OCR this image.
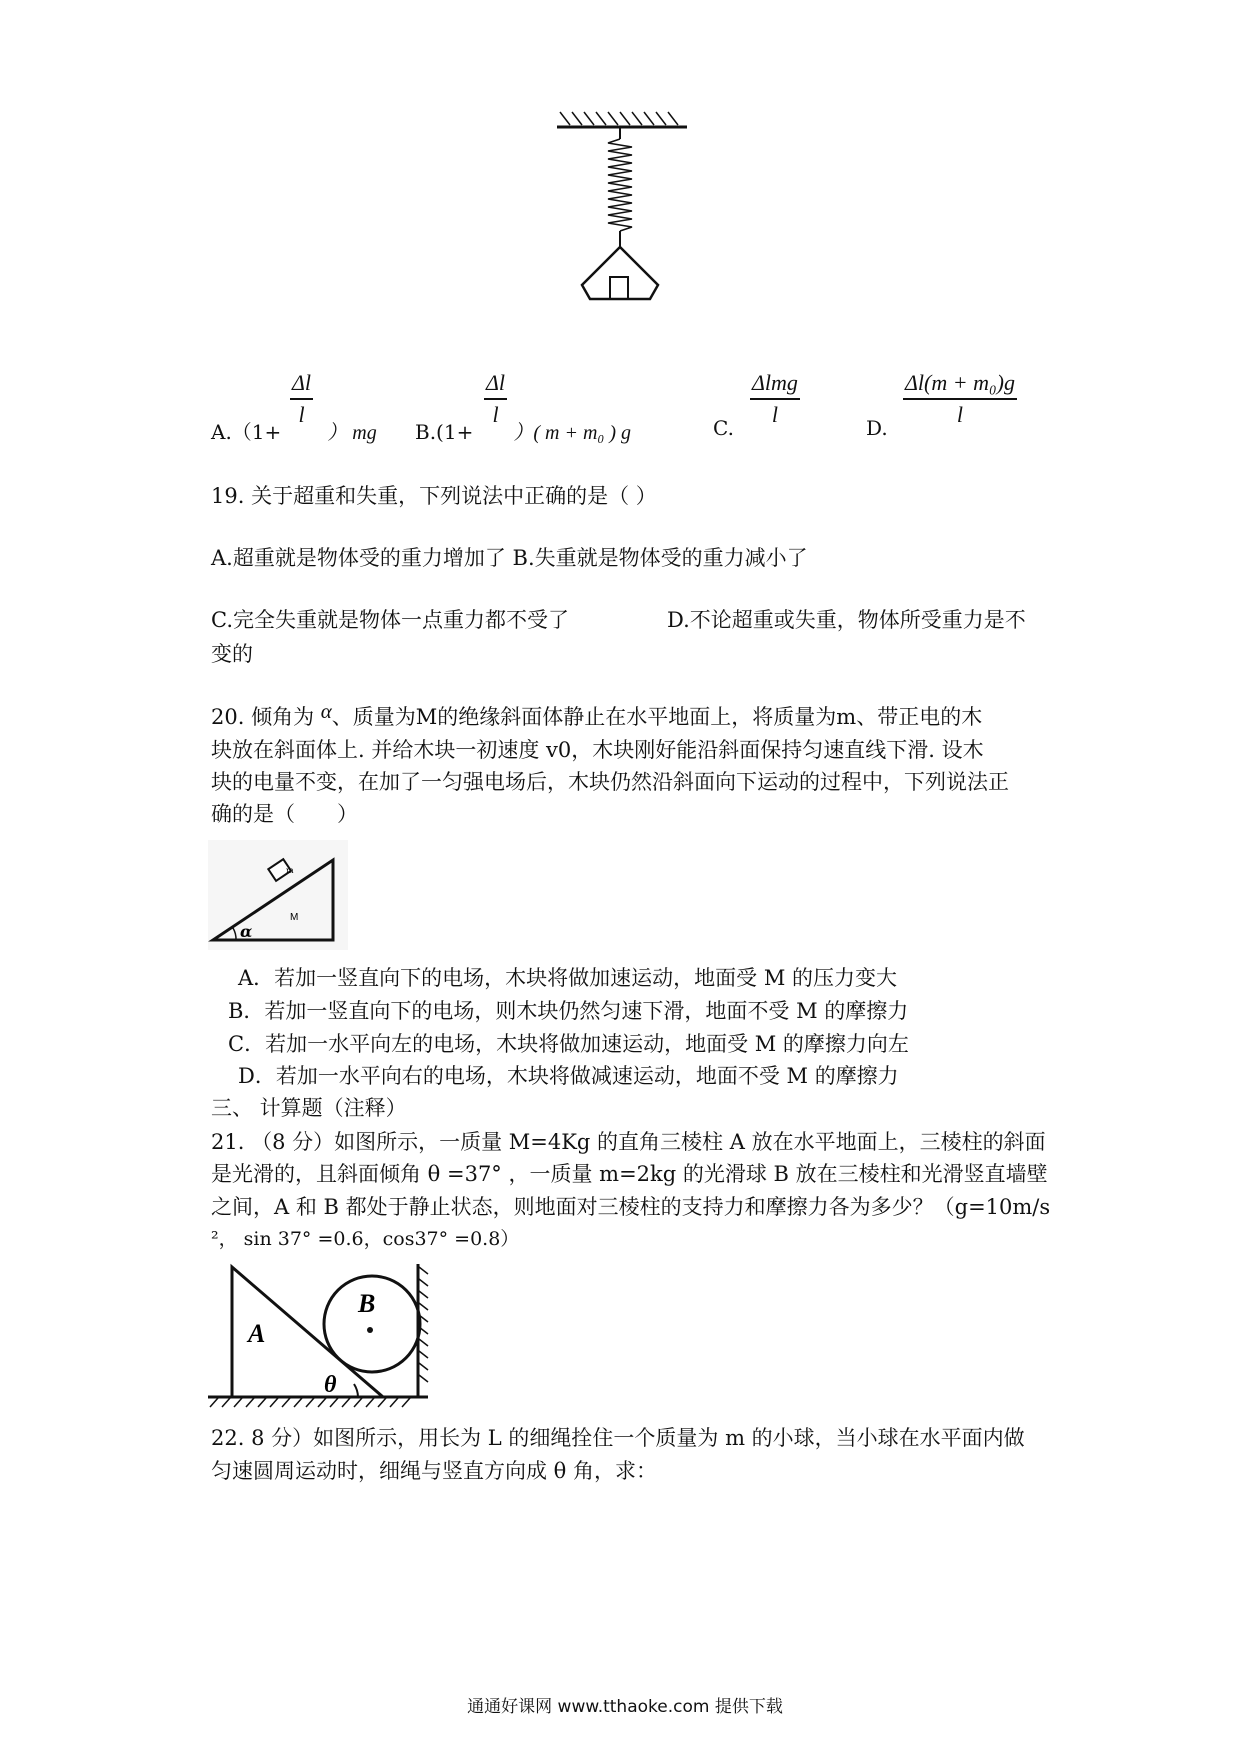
A.（1+ ） mg
$\frac{\Delta l}{l}$
B.(1+ ）( m + m₀ ) g
$\frac{\Delta l}{l}$
C.
Δlmg
l
D.
$\frac{\text{Δl(m + m₀)g}}{l}$
19. 关于超重和失重，下列说法中正确的是（ ）
A.超重就是物体受的重力增加了 B.失重就是物体受的重力减小了
C.完全失重就是物体一点重力都不受了	D.不论超重或失重，物体所受重力是不
变的
20. 倾角为 α、质量为M的绝缘斜面体静止在水平地面上，将质量为m、带正电的木
块放在斜面体上. 并给木块一初速度 v0，木块刚好能沿斜面保持匀速直线下滑. 设木
块的电量不变，在加了一匀强电场后，木块仍然沿斜面向下运动的过程中，下列说法正
确的是（　　）
m
M
α
A．若加一竖直向下的电场，木块将做加速运动，地面受 M 的压力变大
B．若加一竖直向下的电场，则木块仍然匀速下滑，地面不受 M 的摩擦力
C．若加一水平向左的电场，木块将做加速运动，地面受 M 的摩擦力向左
D．若加一水平向右的电场，木块将做减速运动，地面不受 M 的摩擦力
三、 计算题（注释）
21. （8 分）如图所示，一质量 M=4Kg 的直角三棱柱 A 放在水平地面上，三棱柱的斜面
是光滑的，且斜面倾角 θ =37° ，一质量 m=2kg 的光滑球 B 放在三棱柱和光滑竖直墙壁
之间，A 和 B 都处于静止状态，则地面对三棱柱的支持力和摩擦力各为多少？（g=10m/s
²， sin 37° =0.6，cos37° =0.8）
A
B
θ
22. 8 分）如图所示，用长为 L 的细绳拴住一个质量为 m 的小球，当小球在水平面内做
匀速圆周运动时，细绳与竖直方向成 θ 角，求：
通通好课网 www.tthaoke.com 提供下载
